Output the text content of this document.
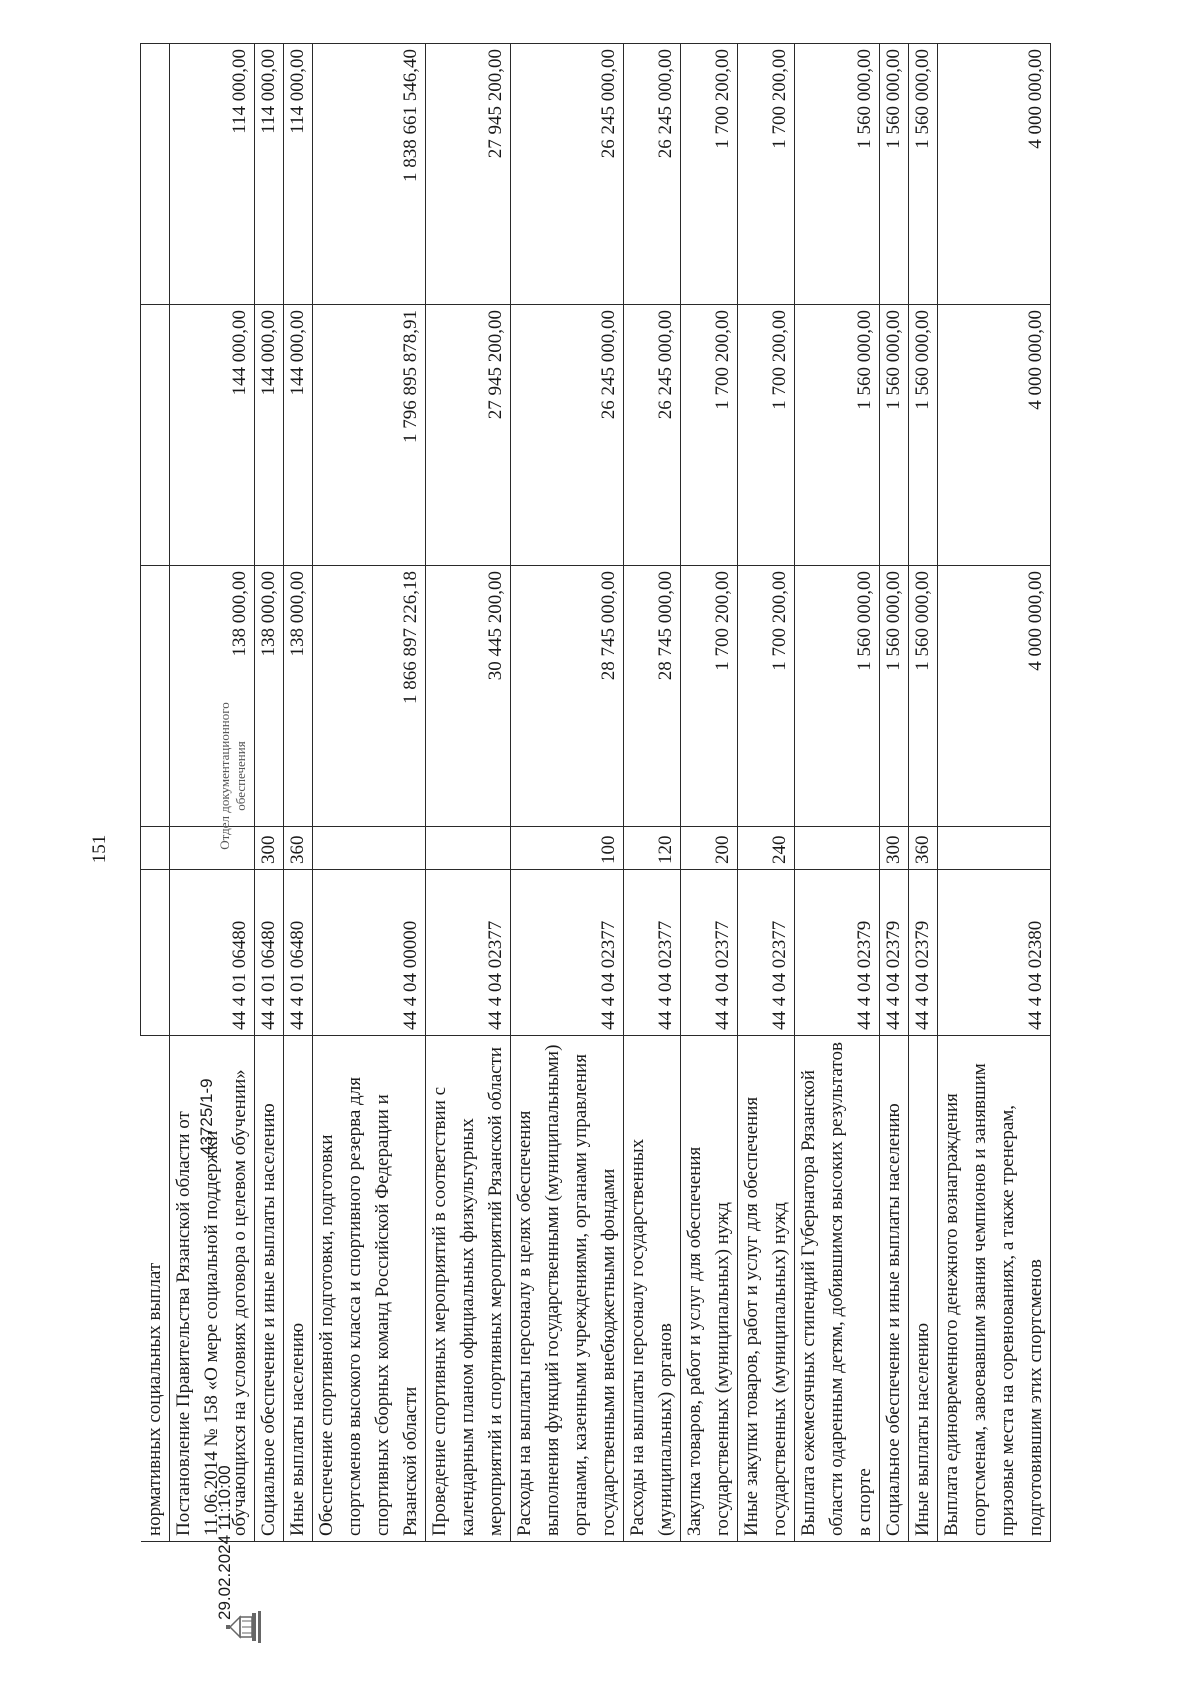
151
нормативных социальных выплат					
Постановление Правительства Рязанской области от 11.06.2014 № 158 «О мере социальной поддержки обучающихся на условиях договора о целевом обучении»	44 4 01 06480		138 000,00	144 000,00	114 000,00
Социальное обеспечение и иные выплаты населению	44 4 01 06480	300	138 000,00	144 000,00	114 000,00
Иные выплаты населению	44 4 01 06480	360	138 000,00	144 000,00	114 000,00
Обеспечение спортивной подготовки, подготовки спортсменов высокого класса и спортивного резерва для спортивных сборных команд Российской Федерации и Рязанской области	44 4 04 00000		1 866 897 226,18	1 796 895 878,91	1 838 661 546,40
Проведение спортивных мероприятий в соответствии с календарным планом официальных физкультурных мероприятий и спортивных мероприятий Рязанской области	44 4 04 02377		30 445 200,00	27 945 200,00	27 945 200,00
Расходы на выплаты персоналу в целях обеспечения выполнения функций государственными (муниципальными) органами, казенными учреждениями, органами управления государственными внебюджетными фондами	44 4 04 02377	100	28 745 000,00	26 245 000,00	26 245 000,00
Расходы на выплаты персоналу государственных (муниципальных) органов	44 4 04 02377	120	28 745 000,00	26 245 000,00	26 245 000,00
Закупка товаров, работ и услуг для обеспечения государственных (муниципальных) нужд	44 4 04 02377	200	1 700 200,00	1 700 200,00	1 700 200,00
Иные закупки товаров, работ и услуг для обеспечения государственных (муниципальных) нужд	44 4 04 02377	240	1 700 200,00	1 700 200,00	1 700 200,00
Выплата ежемесячных стипендий Губернатора Рязанской области одаренным детям, добившимся высоких результатов в спорте	44 4 04 02379		1 560 000,00	1 560 000,00	1 560 000,00
Социальное обеспечение и иные выплаты населению	44 4 04 02379	300	1 560 000,00	1 560 000,00	1 560 000,00
Иные выплаты населению	44 4 04 02379	360	1 560 000,00	1 560 000,00	1 560 000,00
Выплата единовременного денежного вознаграждения спортсменам, завоевавшим звания чемпионов и занявшим призовые места на соревнованиях, а также тренерам, подготовившим этих спортсменов	44 4 04 02380		4 000 000,00	4 000 000,00	4 000 000,00
Отдел документационного обеспечения
43725/1-9
29.02.2024 11:10:00
